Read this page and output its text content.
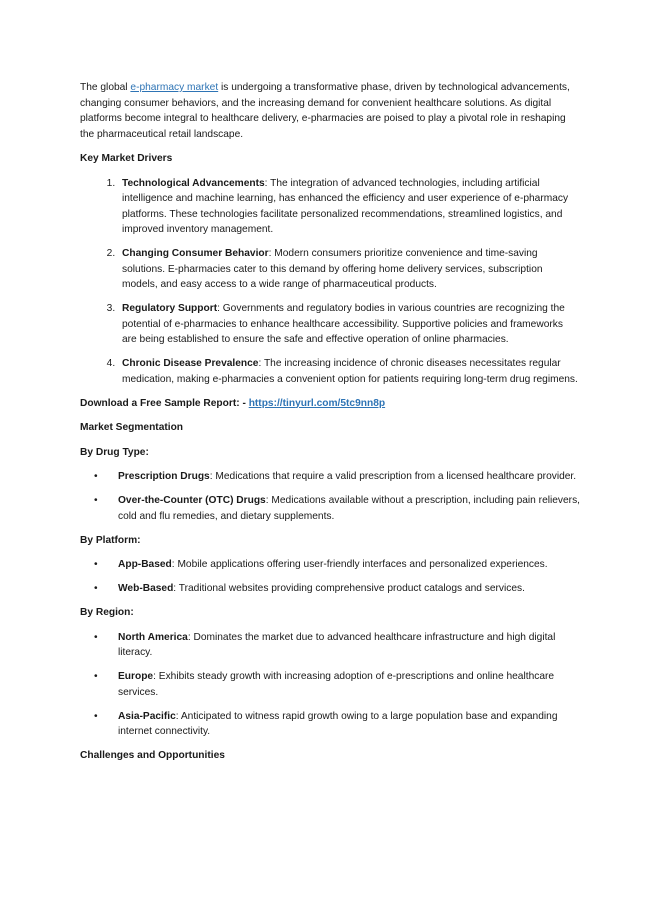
The global e-pharmacy market is undergoing a transformative phase, driven by technological advancements, changing consumer behaviors, and the increasing demand for convenient healthcare solutions. As digital platforms become integral to healthcare delivery, e-pharmacies are poised to play a pivotal role in reshaping the pharmaceutical retail landscape.

Key Market Drivers

1. Technological Advancements: The integration of advanced technologies, including artificial intelligence and machine learning, has enhanced the efficiency and user experience of e-pharmacy platforms. These technologies facilitate personalized recommendations, streamlined logistics, and improved inventory management.
2. Changing Consumer Behavior: Modern consumers prioritize convenience and time-saving solutions. E-pharmacies cater to this demand by offering home delivery services, subscription models, and easy access to a wide range of pharmaceutical products.
3. Regulatory Support: Governments and regulatory bodies in various countries are recognizing the potential of e-pharmacies to enhance healthcare accessibility. Supportive policies and frameworks are being established to ensure the safe and effective operation of online pharmacies.
4. Chronic Disease Prevalence: The increasing incidence of chronic diseases necessitates regular medication, making e-pharmacies a convenient option for patients requiring long-term drug regimens.

Download a Free Sample Report: - https://tinyurl.com/5tc9nn8p

Market Segmentation

By Drug Type:

• Prescription Drugs: Medications that require a valid prescription from a licensed healthcare provider.
• Over-the-Counter (OTC) Drugs: Medications available without a prescription, including pain relievers, cold and flu remedies, and dietary supplements.

By Platform:

• App-Based: Mobile applications offering user-friendly interfaces and personalized experiences.
• Web-Based: Traditional websites providing comprehensive product catalogs and services.

By Region:

• North America: Dominates the market due to advanced healthcare infrastructure and high digital literacy.
• Europe: Exhibits steady growth with increasing adoption of e-prescriptions and online healthcare services.
• Asia-Pacific: Anticipated to witness rapid growth owing to a large population base and expanding internet connectivity.

Challenges and Opportunities
